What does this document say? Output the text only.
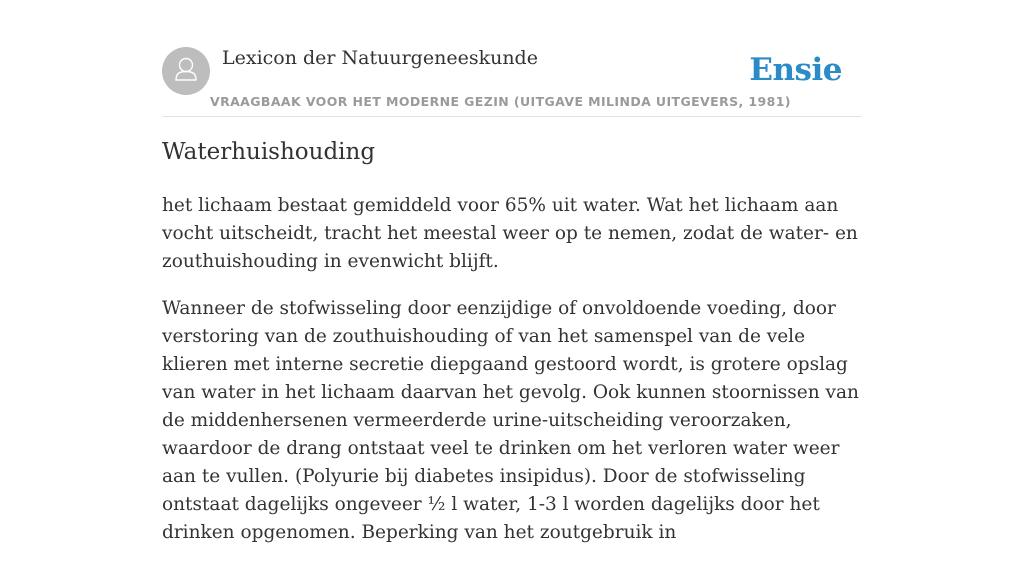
Lexicon der Natuurgeneeskunde
VRAAGBAAK VOOR HET MODERNE GEZIN (UITGAVE MILINDA UITGEVERS, 1981)
Ensie
Waterhuishouding

het lichaam bestaat gemiddeld voor 65% uit water. Wat het lichaam aan vocht uitscheidt, tracht het meestal weer op te nemen, zodat de water- en zouthuishouding in evenwicht blijft.

Wanneer de stofwisseling door eenzijdige of onvoldoende voeding, door verstoring van de zouthuishouding of van het samenspel van de vele klieren met interne secretie diepgaand gestoord wordt, is grotere opslag van water in het lichaam daarvan het gevolg. Ook kunnen stoornissen van de middenhersenen vermeerderde urine-uitscheiding veroorzaken, waardoor de drang ontstaat veel te drinken om het verloren water weer aan te vullen. (Polyurie bij diabetes insipidus). Door de stofwisseling ontstaat dagelijks ongeveer ½ l water, 1-3 l worden dagelijks door het drinken opgenomen. Beperking van het zoutgebruik in
